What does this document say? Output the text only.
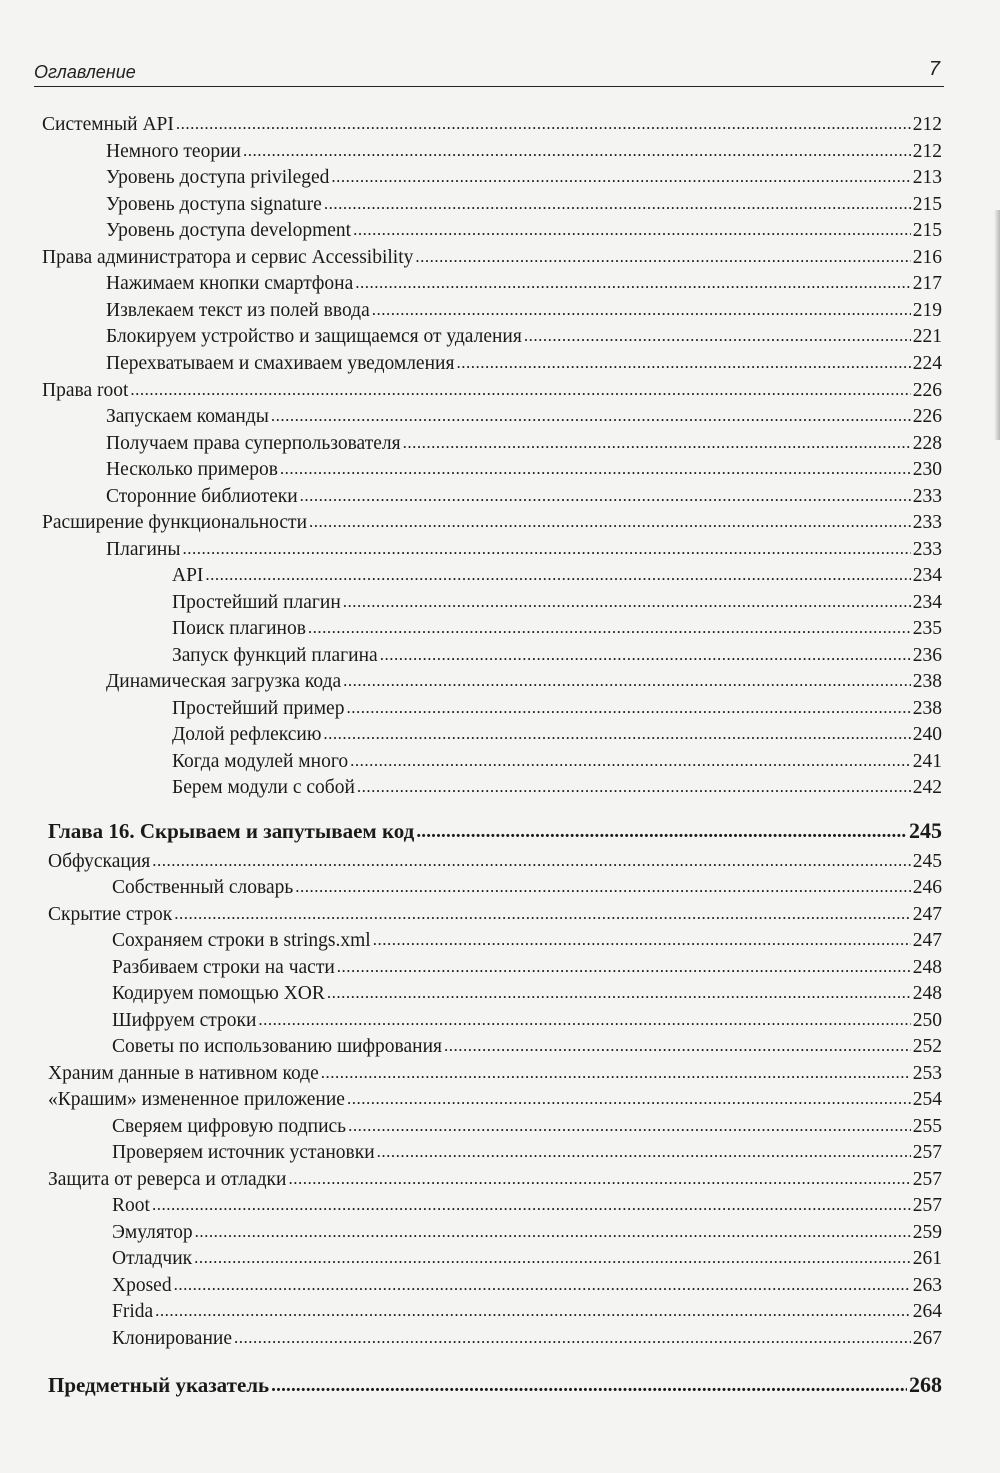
Оглавление	7
Системный API .....	212
Немного теории .....	212
Уровень доступа privileged .....	213
Уровень доступа signature .....	215
Уровень доступа development .....	215
Права администратора и сервис Accessibility .....	216
Нажимаем кнопки смартфона .....	217
Извлекаем текст из полей ввода .....	219
Блокируем устройство и защищаемся от удаления .....	221
Перехватываем и смахиваем уведомления .....	224
Права root .....	226
Запускаем команды .....	226
Получаем права суперпользователя .....	228
Несколько примеров .....	230
Сторонние библиотеки .....	233
Расширение функциональности .....	233
Плагины .....	233
API .....	234
Простейший плагин .....	234
Поиск плагинов .....	235
Запуск функций плагина .....	236
Динамическая загрузка кода .....	238
Простейший пример .....	238
Долой рефлексию .....	240
Когда модулей много .....	241
Берем модули с собой .....	242
Глава 16. Скрываем и запутываем код .....	245
Обфускация .....	245
Собственный словарь .....	246
Скрытие строк .....	247
Сохраняем строки в strings.xml .....	247
Разбиваем строки на части .....	248
Кодируем помощью XOR .....	248
Шифруем строки .....	250
Советы по использованию шифрования .....	252
Храним данные в нативном коде .....	253
«Крашим» измененное приложение .....	254
Сверяем цифровую подпись .....	255
Проверяем источник установки .....	257
Защита от реверса и отладки .....	257
Root .....	257
Эмулятор .....	259
Отладчик .....	261
Xposed .....	263
Frida .....	264
Клонирование .....	267
Предметный указатель .....	268
